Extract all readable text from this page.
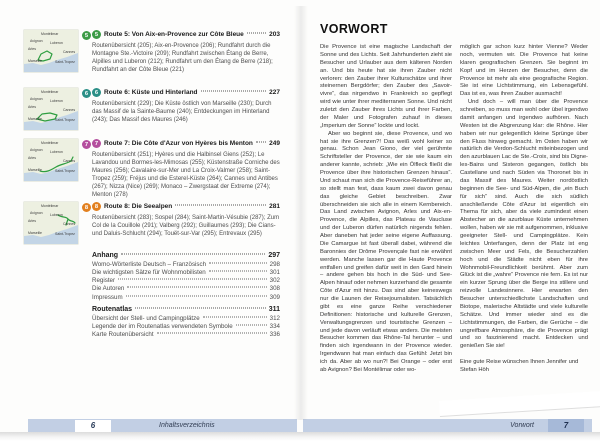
Montélimar
Avignon Luberon
Arles
Cannes
Marseille	Saint-Tropez
5	5 Route 5: Von Aix-en-Provence zur Côte Bleue	203
Routenübersicht (205); Aix-en-Provence (206); Rundfahrt durch die Montagne Ste.-Victoire (209); Rundfahrt zwischen Étang de Berre, Alpilles und Luberon (212); Rundfahrt um den Étang de Berre (218); Rundfahrt an der Côte Bleue (221)
Montélimar
Avignon Luberon
Arles
Cannes
Marseille	Saint-Tropez
6	6 Route 6: Küste und Hinterland	227
Routenübersicht (229); Die Küste östlich von Marseille (230); Durch das Massif de la Sainte-Baume (240); Entdeckungen im Hinterland (243); Das Massif des Maures (246)
Montélimar
Avignon Luberon
Arles
Cannes
Marseille	Saint-Tropez
7	7 Route 7: Die Côte d'Azur von Hyères bis Menton 249
Routenübersicht (251); Hyères und die Halbinsel Giens (252); Le Lavandou und Bormes-les-Mimosas (255); Küstenstraße Corniche des Maures (256); Cavalaire-sur-Mer und La Croix-Valmer (258); Saint-Tropez (259); Fréjus und die Esterel-Küste (264); Cannes und Antibes (267); Nizza (Nice) (269); Monaco – Zwergstaat der Extreme (274); Menton (278)
Montélimar
Avignon Luberon
Arles
Cannes
Marseille	Saint-Tropez
8	8 Route 8: Die Seealpen	281
Routenübersicht (283); Sospel (284); Saint-Martin-Vésubie (287); Zum Col de la Couillole (291); Valberg (292); Guillaumes (293); Die Cians- und Daluis-Schlucht (294); Touët-sur-Var (295); Entrevaux (295)
Anhang	297
Womo-Wörterliste Deutsch – Französisch	298
Die wichtigsten Sätze für Wohnmobilisten	301
Register	302
Die Autoren	308
Impressum	309
Routenatlas	311
Übersicht der Stell- und Campingplätze	312
Legende der im Routenatlas verwendeten Symbole	334
Karte Routenübersicht	336
VORWORT

Die Provence ist eine magische Landschaft der Sonne und des Lichts. Seit Jahrhunderten zieht sie Besucher und Urlauber aus dem kälteren Norden an. Und bis heute hat sie ihren Zauber nicht verloren: den Zauber ihrer Kulturschätze und ihrer steinernen Bergdörfer; den Zauber des „Savoir-vivre“, das nirgendwo in Frankreich so gepflegt wird wie unter ihrer mediterranen Sonne. Und nicht zuletzt den Zauber ihres Lichts und ihrer Farben, der Maler und Fotografen zuhauf in dieses „Imperium der Sonne“ lockte und lockt.

Aber wo beginnt sie, diese Provence, und wo hat sie ihre Grenzen?! Das weiß wohl keiner so genau. Schon Jean Giono, der viel gerühmte Schriftsteller der Provence, der sie wie kaum ein anderer kannte, schrieb: „Wie ein Ölfleck fließt die Provence über ihre historischen Grenzen hinaus“. Und schaut man sich die Provence-Reiseführer an, so stellt man fest, dass kaum zwei davon genau das gleiche Gebiet beschreiben. Zwar überschneiden sie sich alle in einem Kernbereich. Das Land zwischen Avignon, Arles und Aix-en-Provence, die Alpilles, das Plateau de Vaucluse und der Luberon dürfen natürlich nirgends fehlen. Aber daneben hat jeder seine eigene Auffassung. Die Camargue ist fast überall dabei, während die Baronnies der Drôme Provençale fast nie erwähnt werden. Manche lassen gar die Haute Provence entfallen und greifen dafür weit in den Gard hinein – andere gehen bis hoch in die Süd- und See-Alpen hinauf oder nehmen kurzerhand die gesamte Côte d'Azur mit hinzu. Das sind aber keineswegs nur die Launen der Reisejournalisten. Tatsächlich gibt es eine ganze Reihe verschiedener Definitionen: historische und kulturelle Grenzen, Verwaltungsgrenzen und touristische Grenzen – und jede davon verläuft etwas anders. Die meisten Besucher kommen das Rhône-Tal herunter – und finden sich irgendwann in der Provence wieder. Irgendwann hat man einfach das Gefühl: Jetzt bin ich da. Aber ab wo nun?! Bei Orange – oder erst ab Avignon? Bei Montélimar oder wo-

möglich gar schon kurz hinter Vienne? Weder noch, vermuten wir. Die Provence hat keine klaren geografischen Grenzen. Sie beginnt im Kopf und im Herzen der Besucher, denn die Provence ist mehr als eine geografische Region. Sie ist eine Lichtstimmung, ein Lebensgefühl. Das ist es, was ihren Zauber ausmacht!

Und doch – will man über die Provence schreiben, so muss man wohl oder übel irgendwo damit anfangen und irgendwo aufhören. Nach Westen ist die Abgrenzung klar: die Rhône. Hier haben wir nur gelegentlich kleine Sprünge über den Fluss hinweg gemacht. Im Osten haben wir natürlich die Verdon-Schlucht miteinbezogen und den azurblauen Lac de Ste.-Croix, sind bis Digne-les-Bains und Sisteron gegangen, östlich bis Castellane und nach Süden via Thoronet bis in das Massif des Maures. Weiter nordöstlich beginnen die See- und Süd-Alpen, die „ein Buch für sich“ sind. Auch die sich südlich anschließende Côte d'Azur ist eigentlich ein Thema für sich, aber da viele zumindest einen Abstecher an die azurblaue Küste unternehmen wollen, haben wir sie mit aufgenommen, inklusive geeigneter Stell- und Campingplätze. Kein leichtes Unterfangen, denn der Platz ist eng zwischen Meer und Fels, die Besucherzahlen hoch und die Städte nicht eben für ihre Wohnmobil-Freundlichkeit berühmt. Aber zum Glück ist die „wahre“ Provence nie fern. Es ist nur ein kurzer Sprung über die Berge ins stillere und reizvolle Landesinnere. Hier erwarten den Besucher unterschiedlichste Landschaften und Biotope, malerische Altstädte und viele kulturelle Schätze. Und immer wieder sind es die Lichtstimmungen, die Farben, die Gerüche – die ungreifbare Atmosphäre, die die Provence prägt und so faszinierend macht. Entdecken und genießen Sie sie!

Eine gute Reise wünschen Ihnen Jennifer und Stefan Höh

6	Inhaltsverzeichnis	Vorwort	7
